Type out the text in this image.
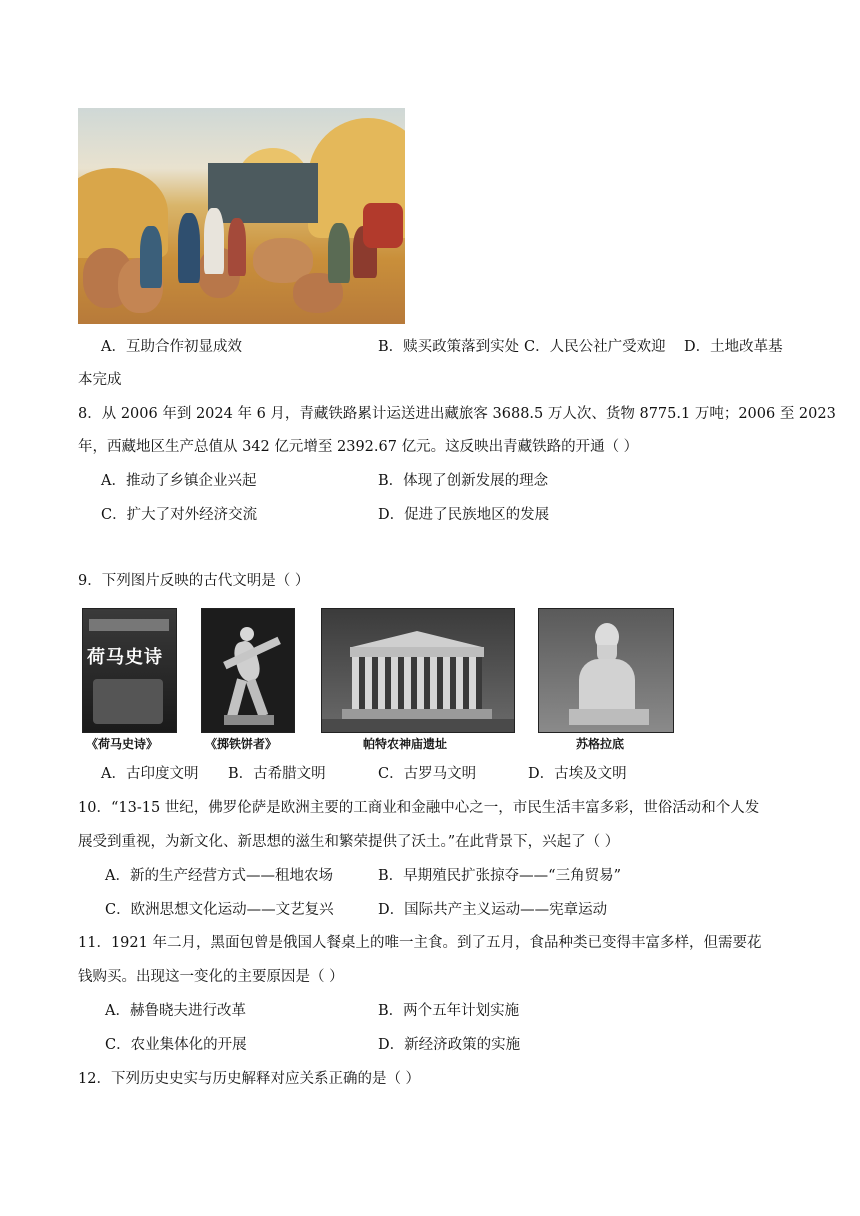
A．互助合作初显成效	B．赎买政策落到实处 C．人民公社广受欢迎 D．土地改革基
本完成
8．从 2006 年到 2024 年 6 月，青藏铁路累计运送进出藏旅客 3688.5 万人次、货物 8775.1 万吨；2006 至 2023
年，西藏地区生产总值从 342 亿元增至 2392.67 亿元。这反映出青藏铁路的开通（ ）
A．推动了乡镇企业兴起	B．体现了创新发展的理念
C．扩大了对外经济交流	D．促进了民族地区的发展
9．下列图片反映的古代文明是（ ）
荷马史诗
《荷马史诗》	《掷铁饼者》	帕特农神庙遗址	苏格拉底
A．古印度文明 B．古希腊文明	C．古罗马文明	D．古埃及文明
10．“13-15 世纪，佛罗伦萨是欧洲主要的工商业和金融中心之一，市民生活丰富多彩，世俗活动和个人发
展受到重视，为新文化、新思想的滋生和繁荣提供了沃土。”在此背景下，兴起了（ ）
A．新的生产经营方式——租地农场	B．早期殖民扩张掠夺——“三角贸易”
C．欧洲思想文化运动——文艺复兴	D．国际共产主义运动——宪章运动
11．1921 年二月，黑面包曾是俄国人餐桌上的唯一主食。到了五月，食品种类已变得丰富多样，但需要花
钱购买。出现这一变化的主要原因是（ ）
A．赫鲁晓夫进行改革	B．两个五年计划实施
C．农业集体化的开展	D．新经济政策的实施
12．下列历史史实与历史解释对应关系正确的是（ ）
